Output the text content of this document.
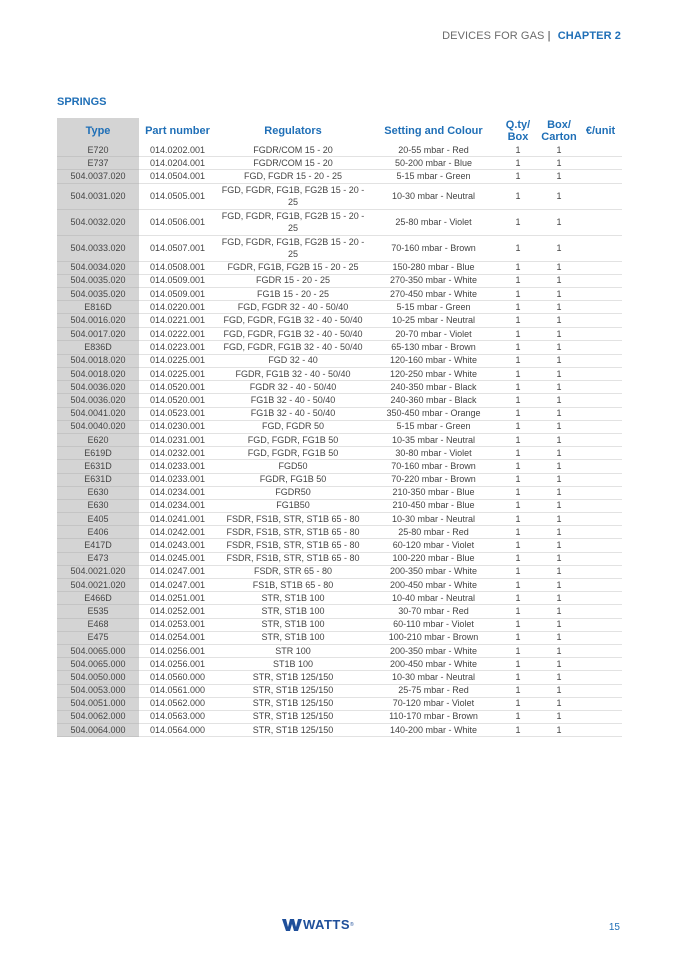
DEVICES FOR GAS | CHAPTER 2
SPRINGS
Type	Part number	Regulators	Setting and Colour	Q.ty/ Box	Box/ Carton	€/unit
E720	014.0202.001	FGDR/COM 15 - 20	20-55 mbar - Red	1	1	
E737	014.0204.001	FGDR/COM 15 - 20	50-200 mbar - Blue	1	1	
504.0037.020	014.0504.001	FGD, FGDR 15 - 20 - 25	5-15 mbar - Green	1	1	
504.0031.020	014.0505.001	FGD, FGDR, FG1B, FG2B 15 - 20 - 25	10-30 mbar - Neutral	1	1	
504.0032.020	014.0506.001	FGD, FGDR, FG1B, FG2B 15 - 20 - 25	25-80 mbar - Violet	1	1	
504.0033.020	014.0507.001	FGD, FGDR, FG1B, FG2B 15 - 20 - 25	70-160 mbar - Brown	1	1	
504.0034.020	014.0508.001	FGDR, FG1B, FG2B 15 - 20 - 25	150-280 mbar - Blue	1	1	
504.0035.020	014.0509.001	FGDR 15 - 20 - 25	270-350 mbar - White	1	1	
504.0035.020	014.0509.001	FG1B 15 - 20 - 25	270-450 mbar - White	1	1	
E816D	014.0220.001	FGD, FGDR 32 - 40 - 50/40	5-15 mbar - Green	1	1	
504.0016.020	014.0221.001	FGD, FGDR, FG1B 32 - 40 - 50/40	10-25 mbar - Neutral	1	1	
504.0017.020	014.0222.001	FGD, FGDR, FG1B 32 - 40 - 50/40	20-70 mbar - Violet	1	1	
E836D	014.0223.001	FGD, FGDR, FG1B 32 - 40 - 50/40	65-130 mbar - Brown	1	1	
504.0018.020	014.0225.001	FGD 32 - 40	120-160 mbar - White	1	1	
504.0018.020	014.0225.001	FGDR, FG1B 32 - 40 - 50/40	120-250 mbar - White	1	1	
504.0036.020	014.0520.001	FGDR 32 - 40 - 50/40	240-350 mbar - Black	1	1	
504.0036.020	014.0520.001	FG1B 32 - 40 - 50/40	240-360 mbar - Black	1	1	
504.0041.020	014.0523.001	FG1B 32 - 40 - 50/40	350-450 mbar - Orange	1	1	
504.0040.020	014.0230.001	FGD, FGDR 50	5-15 mbar - Green	1	1	
E620	014.0231.001	FGD, FGDR, FG1B 50	10-35 mbar - Neutral	1	1	
E619D	014.0232.001	FGD, FGDR, FG1B 50	30-80 mbar - Violet	1	1	
E631D	014.0233.001	FGD50	70-160 mbar - Brown	1	1	
E631D	014.0233.001	FGDR, FG1B 50	70-220 mbar - Brown	1	1	
E630	014.0234.001	FGDR50	210-350 mbar - Blue	1	1	
E630	014.0234.001	FG1B50	210-450 mbar - Blue	1	1	
E405	014.0241.001	FSDR, FS1B, STR, ST1B 65 - 80	10-30 mbar - Neutral	1	1	
E406	014.0242.001	FSDR, FS1B, STR, ST1B 65 - 80	25-80 mbar - Red	1	1	
E417D	014.0243.001	FSDR, FS1B, STR, ST1B 65 - 80	60-120 mbar - Violet	1	1	
E473	014.0245.001	FSDR, FS1B, STR, ST1B 65 - 80	100-220 mbar - Blue	1	1	
504.0021.020	014.0247.001	FSDR, STR 65 - 80	200-350 mbar - White	1	1	
504.0021.020	014.0247.001	FS1B, ST1B 65 - 80	200-450 mbar - White	1	1	
E466D	014.0251.001	STR, ST1B 100	10-40 mbar - Neutral	1	1	
E535	014.0252.001	STR, ST1B 100	30-70 mbar - Red	1	1	
E468	014.0253.001	STR, ST1B 100	60-110 mbar - Violet	1	1	
E475	014.0254.001	STR, ST1B 100	100-210 mbar - Brown	1	1	
504.0065.000	014.0256.001	STR 100	200-350 mbar - White	1	1	
504.0065.000	014.0256.001	ST1B 100	200-450 mbar - White	1	1	
504.0050.000	014.0560.000	STR, ST1B 125/150	10-30 mbar - Neutral	1	1	
504.0053.000	014.0561.000	STR, ST1B 125/150	25-75 mbar - Red	1	1	
504.0051.000	014.0562.000	STR, ST1B 125/150	70-120 mbar - Violet	1	1	
504.0062.000	014.0563.000	STR, ST1B 125/150	110-170 mbar - Brown	1	1	
504.0064.000	014.0564.000	STR, ST1B 125/150	140-200 mbar - White	1	1	
WATTS ®	15
